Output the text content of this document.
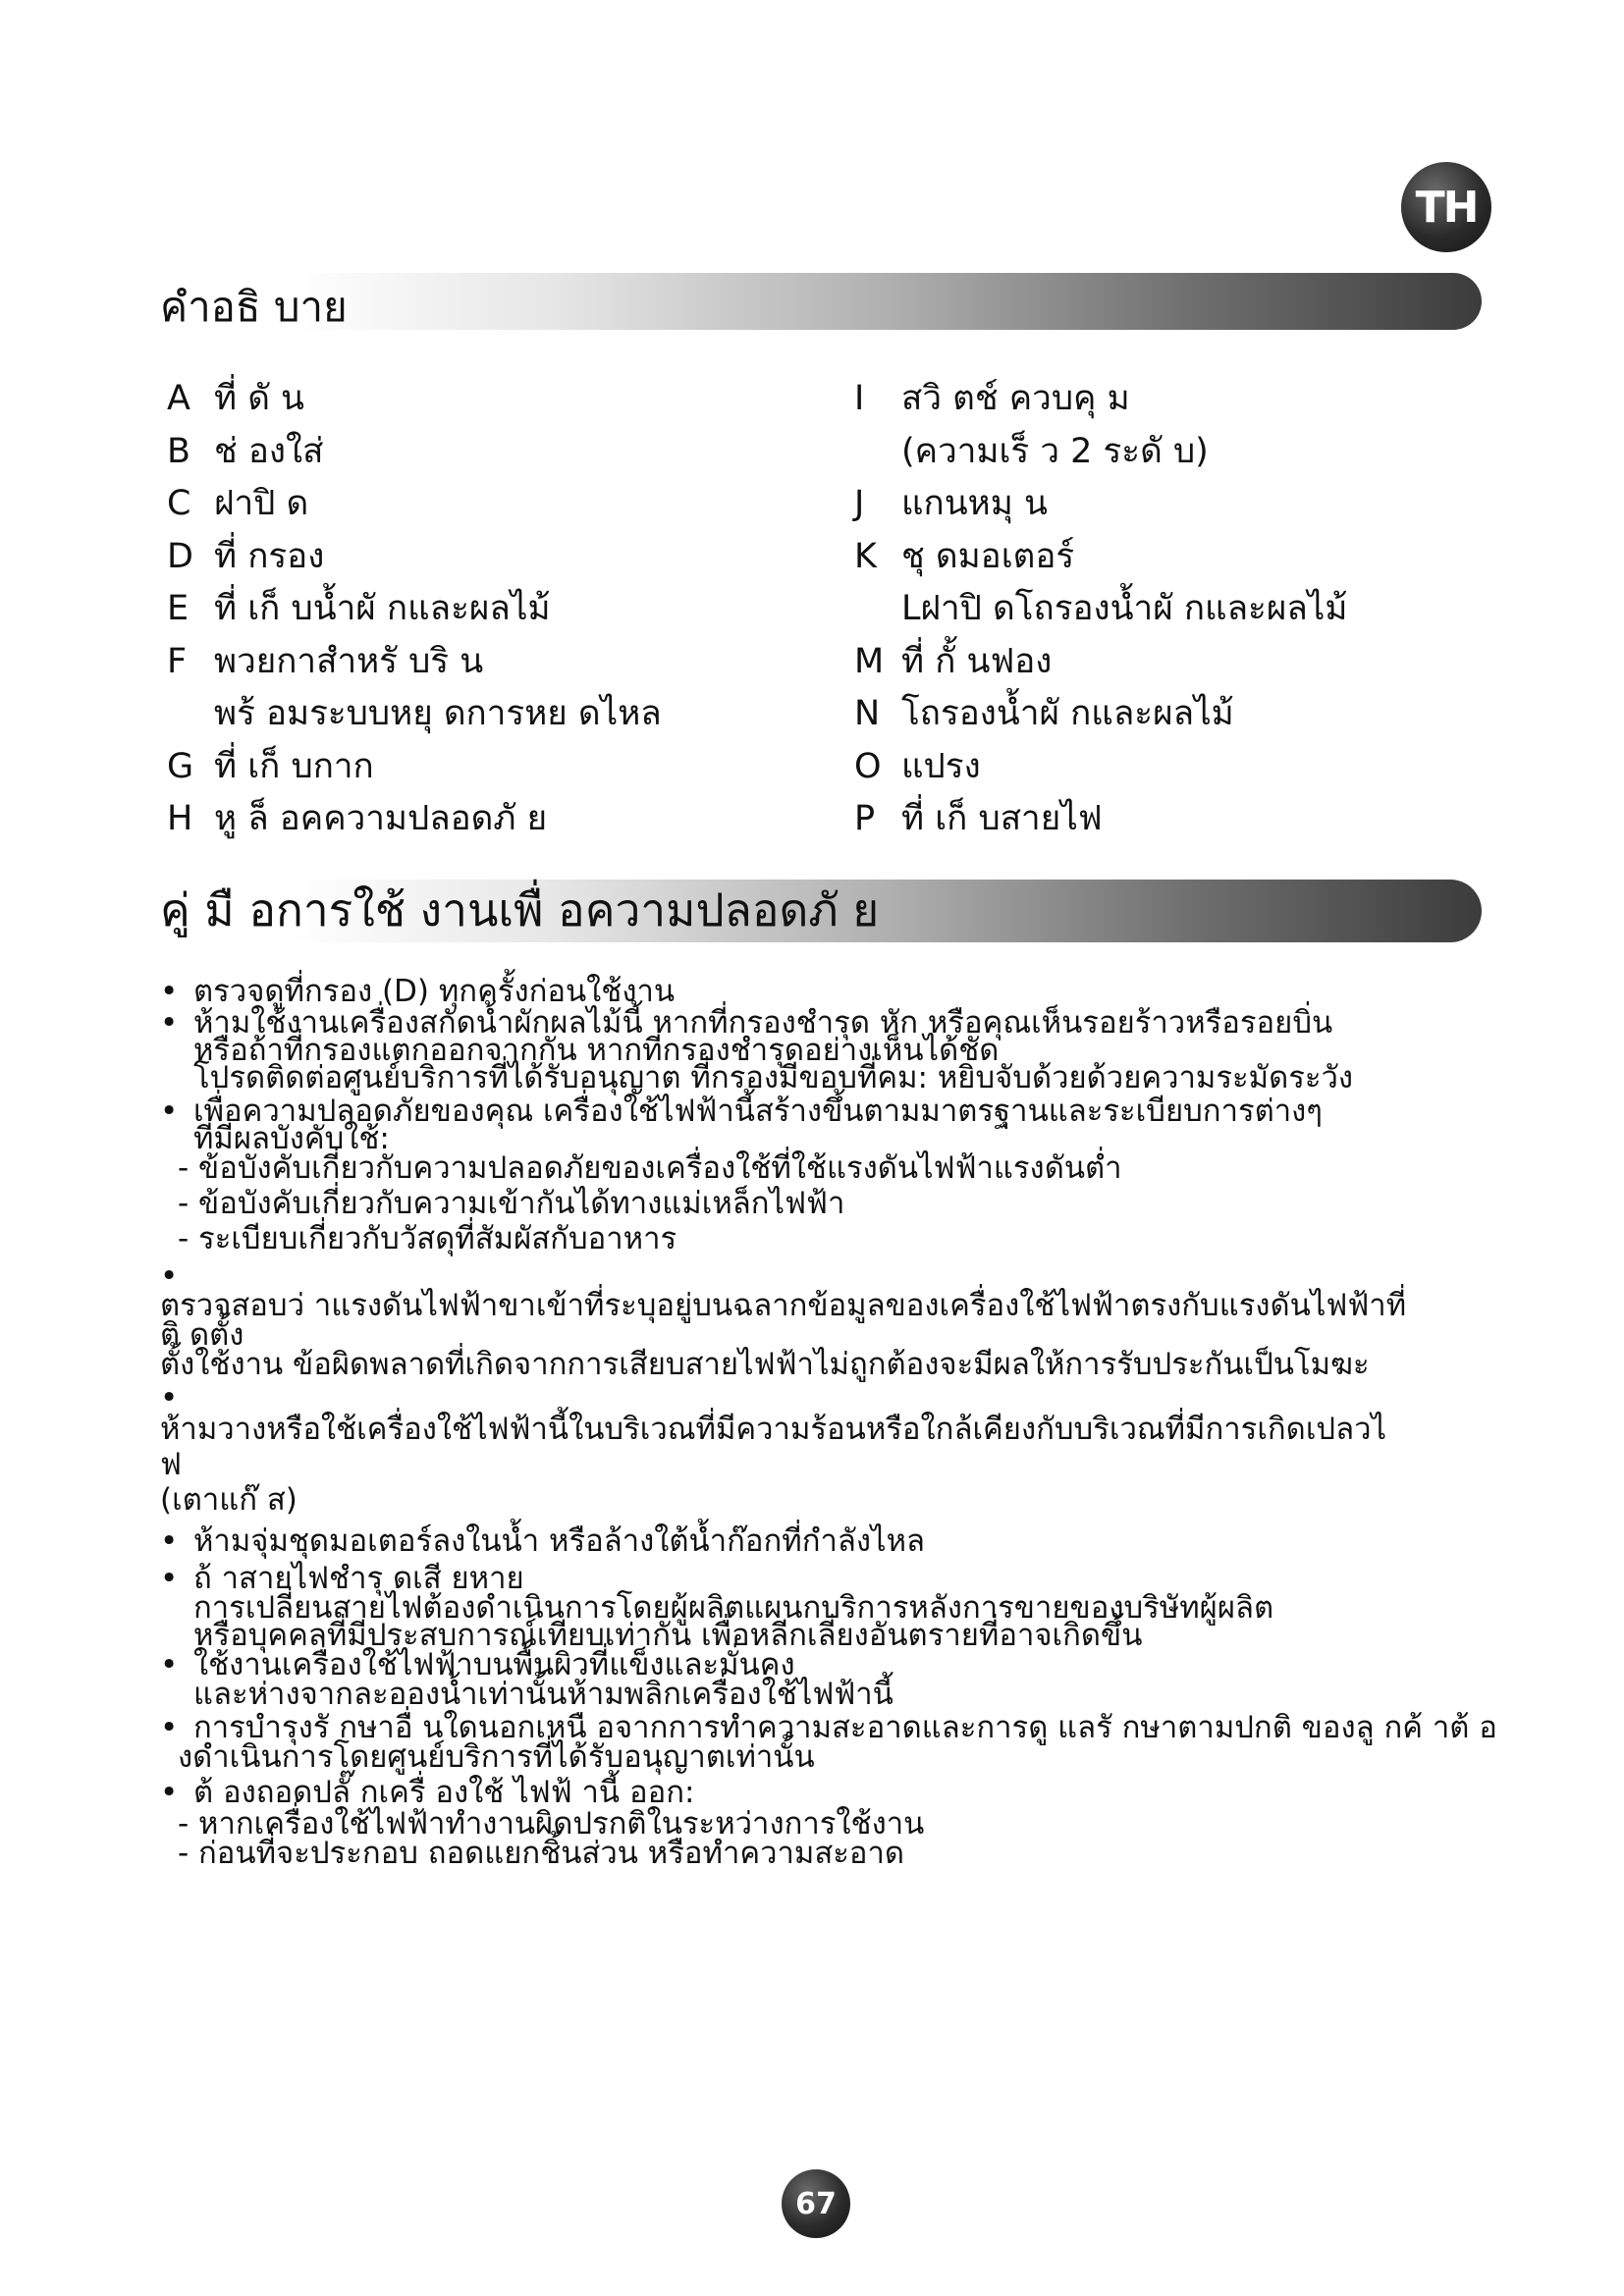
TH
คำอธิ บาย
A ที่ ดั น
B ช่ องใส่
C ฝาปิ ด
D ที่ กรอง
E ที่ เก็ บน้ำผั กและผลไม้
F พวยกาสำหรั บริ น
พร้ อมระบบหยุ ดการหย ดไหล
G ที่ เก็ บกาก
H หู ล็ อคความปลอดภั ย
I	สวิ ตช์ ควบคุ ม
(ความเร็ ว 2 ระดั บ)
J	แกนหมุ น
K ชุ ดมอเตอร์
Lฝาปิ ดโถรองน้ำผั กและผลไม้
M ที่ กั้ นฟอง
N โถรองน้ำผั กและผลไม้
O แปรง
P ที่ เก็ บสายไฟ
คู่ มื อการใช้ งานเพื่ อความปลอดภั ย
• ตรวจดูที่กรอง (D) ทุกครั้งก่อนใช้งาน
• ห้ามใช้งานเครื่องสกัดน้ำผักผลไม้นี้ หากที่กรองชำรุด หัก หรือคุณเห็นรอยร้าวหรือรอยบิ่น
หรือถ้าที่กรองแตกออกจากกัน หากที่กรองชำรุดอย่างเห็นได้ชัด
โปรดติดต่อศูนย์บริการที่ได้รับอนุญาต ที่กรองมีขอบที่คม: หยิบจับด้วยด้วยความระมัดระวัง
• เพื่อความปลอดภัยของคุณ เครื่องใช้ไฟฟ้านี้สร้างขึ้นตามมาตรฐานและระเบียบการต่างๆ
ที่มีผลบังคับใช้:
- ข้อบังคับเกี่ยวกับความปลอดภัยของเครื่องใช้ที่ใช้แรงดันไฟฟ้าแรงดันต่ำ
- ข้อบังคับเกี่ยวกับความเข้ากันได้ทางแม่เหล็กไฟฟ้า
- ระเบียบเกี่ยวกับวัสดุที่สัมผัสกับอาหาร
•
ตรวจสอบว่ าแรงดันไฟฟ้าขาเข้าที่ระบุอยู่บนฉลากข้อมูลของเครื่องใช้ไฟฟ้าตรงกับแรงดันไฟฟ้าที่
ติ ดตั้ง
ตั้งใช้งาน ข้อผิดพลาดที่เกิดจากการเสียบสายไฟฟ้าไม่ถูกต้องจะมีผลให้การรับประกันเป็นโมฆะ
•
ห้ามวางหรือใช้เครื่องใช้ไฟฟ้านี้ในบริเวณที่มีความร้อนหรือใกล้เคียงกับบริเวณที่มีการเกิดเปลวไ
ฟ
(เตาแก๊ ส)
• ห้ามจุ่มชุดมอเตอร์ลงในน้ำ หรือล้างใต้น้ำก๊อกที่กำลังไหล
• ถ้ าสายไฟชำรุ ดเสี ยหาย
การเปลี่ยนสายไฟต้องดำเนินการโดยผู้ผลิตแผนกบริการหลังการขายของบริษัทผู้ผลิต
หรือบุคคลที่มีประสบการณ์เทียบเท่ากัน เพื่อหลีกเลี่ยงอันตรายที่อาจเกิดขึ้น
• ใช้งานเครื่องใช้ไฟฟ้าบนพื้นผิวที่แข็งและมั่นคง
และห่างจากละอองน้ำเท่านั้นห้ามพลิกเครื่องใช้ไฟฟ้านี้
• การบำรุงรั กษาอื่ นใดนอกเหนื อจากการทำความสะอาดและการดู แลรั กษาตามปกติ ของลู กค้ าต้ อ
งดำเนินการโดยศูนย์บริการที่ได้รับอนุญาตเท่านั้น
• ต้ องถอดปลั๊ กเครื่ องใช้ ไฟฟ้ านี้ ออก:
- หากเครื่องใช้ไฟฟ้าทำงานผิดปรกติในระหว่างการใช้งาน
- ก่อนที่จะประกอบ ถอดแยกชิ้นส่วน หรือทำความสะอาด
67
